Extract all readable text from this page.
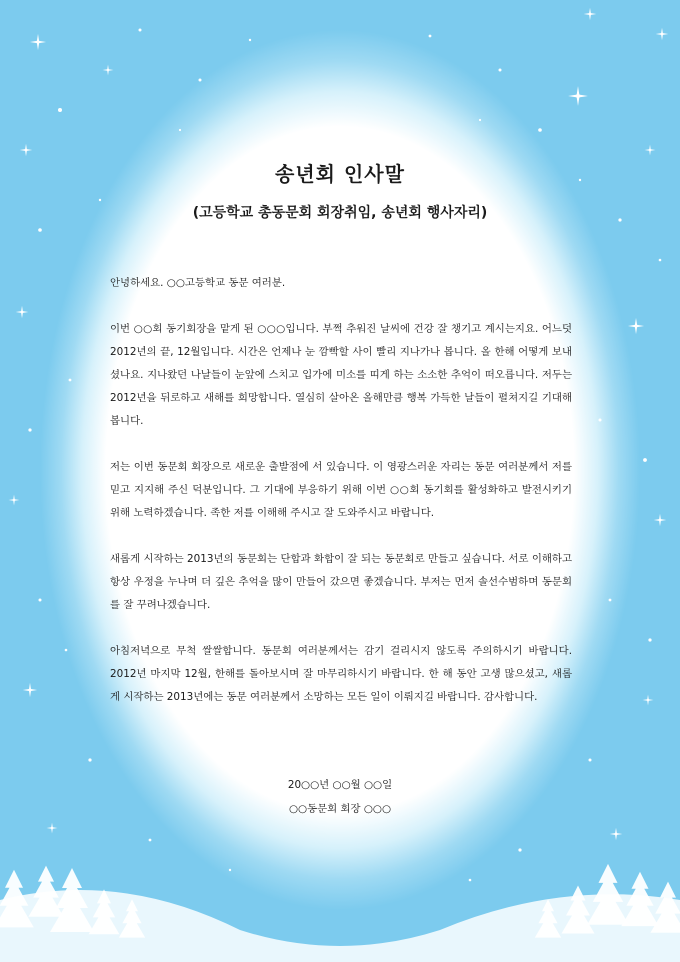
송년회 인사말
(고등학교 총동문회 회장취임, 송년회 행사자리)

안녕하세요. ○○고등학교 동문 여러분.

이번 ○○회 동기회장을 맡게 된 ○○○입니다. 부쩍 추워진 날씨에 건강 잘 챙기고 계시는지요. 어느덧 2012년의 끝, 12월입니다. 시간은 언제나 눈 깜빡할 사이 빨리 지나가나 봅니다. 올 한해 어떻게 보내셨나요. 지나왔던 나날들이 눈앞에 스치고 입가에 미소를 띠게 하는 소소한 추억이 떠오릅니다. 저두는 2012년을 뒤로하고 새해를 희망합니다. 열심히 살아온 올해만큼 행복 가득한 날들이 펼쳐지길 기대해 봅니다.

저는 이번 동문회 회장으로 새로운 출발점에 서 있습니다. 이 영광스러운 자리는 동문 여러분께서 저를 믿고 지지해 주신 덕분입니다. 그 기대에 부응하기 위해 이번 ○○회 동기회를 활성화하고 발전시키기 위해 노력하겠습니다. 족한 저를 이해해 주시고 잘 도와주시고 바랍니다.

새롭게 시작하는 2013년의 동문회는 단합과 화합이 잘 되는 동문회로 만들고 싶습니다. 서로 이해하고 항상 우정을 누나며 더 깊은 추억을 많이 만들어 갔으면 좋겠습니다. 부저는 먼저 솔선수범하며 동문회를 잘 꾸려나겠습니다.

아침저녁으로 무척 쌀쌀합니다. 동문회 여러분께서는 감기 걸리시지 않도록 주의하시기 바랍니다. 2012년 마지막 12월, 한해를 돌아보시며 잘 마무리하시기 바랍니다. 한 해 동안 고생 많으셨고, 새롭게 시작하는 2013년에는 동문 여러분께서 소망하는 모든 일이 이뤄지길 바랍니다. 감사합니다.

20○○년 ○○월 ○○일
○○동문회 회장 ○○○
